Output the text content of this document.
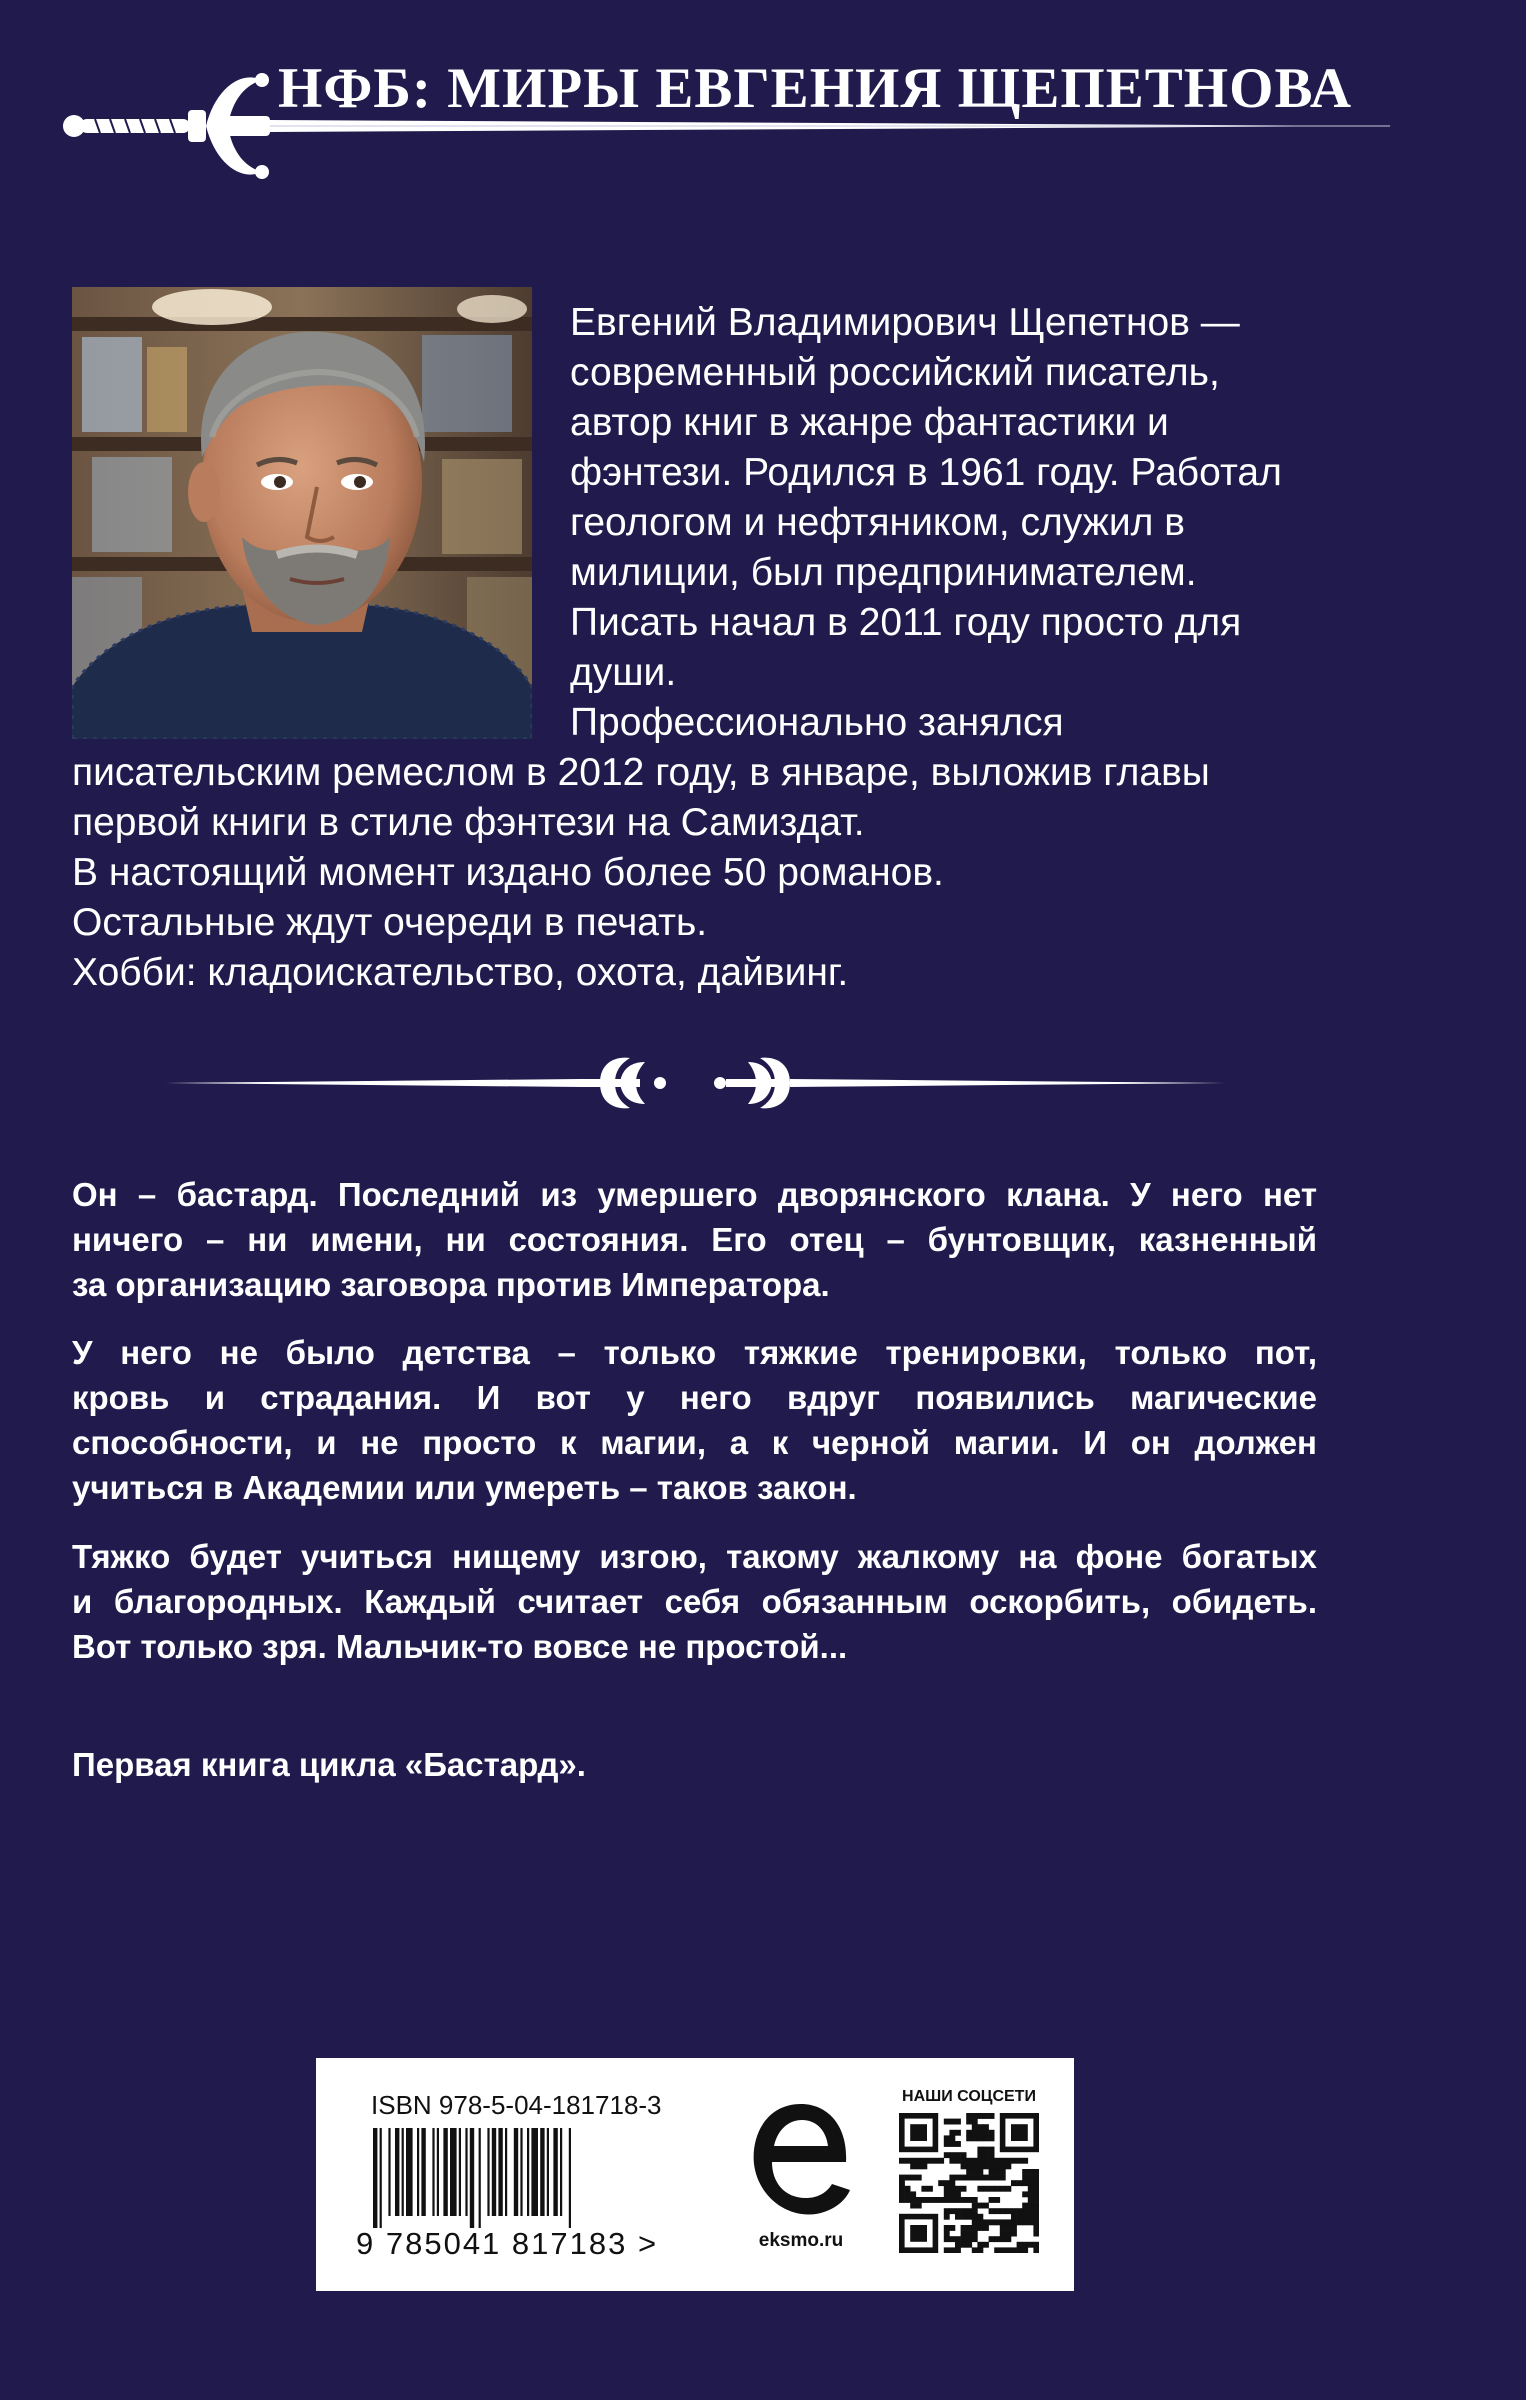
НФБ: МИРЫ ЕВГЕНИЯ ЩЕПЕТНОВА
Евгений Владимирович Щепетнов —
современный российский писатель,
автор книг в жанре фантастики и
фэнтези. Родился в 1961 году. Работал
геологом и нефтяником, служил в
милиции, был предпринимателем.
Писать начал в 2011 году просто для
души.
Профессионально занялся
писательским ремеслом в 2012 году, в январе, выложив главы
первой книги в стиле фэнтези на Самиздат.
В настоящий момент издано более 50 романов.
Остальные ждут очереди в печать.
Хобби: кладоискательство, охота, дайвинг.
Он – бастард. Последний из умершего дворянского клана. У него нет
ничего – ни имени, ни состояния. Его отец – бунтовщик, казненный
за организацию заговора против Императора.
У него не было детства – только тяжкие тренировки, только пот,
кровь и страдания. И вот у него вдруг появились магические
способности, и не просто к магии, а к черной магии. И он должен
учиться в Академии или умереть – таков закон.
Тяжко будет учиться нищему изгою, такому жалкому на фоне богатых
и благородных. Каждый считает себя обязанным оскорбить, обидеть.
Вот только зря. Мальчик-то вовсе не простой...
Первая книга цикла «Бастард».
ISBN 978-5-04-181718-3
9 785041 817183 >	eksmo.ru
НАШИ СОЦСЕТИ
